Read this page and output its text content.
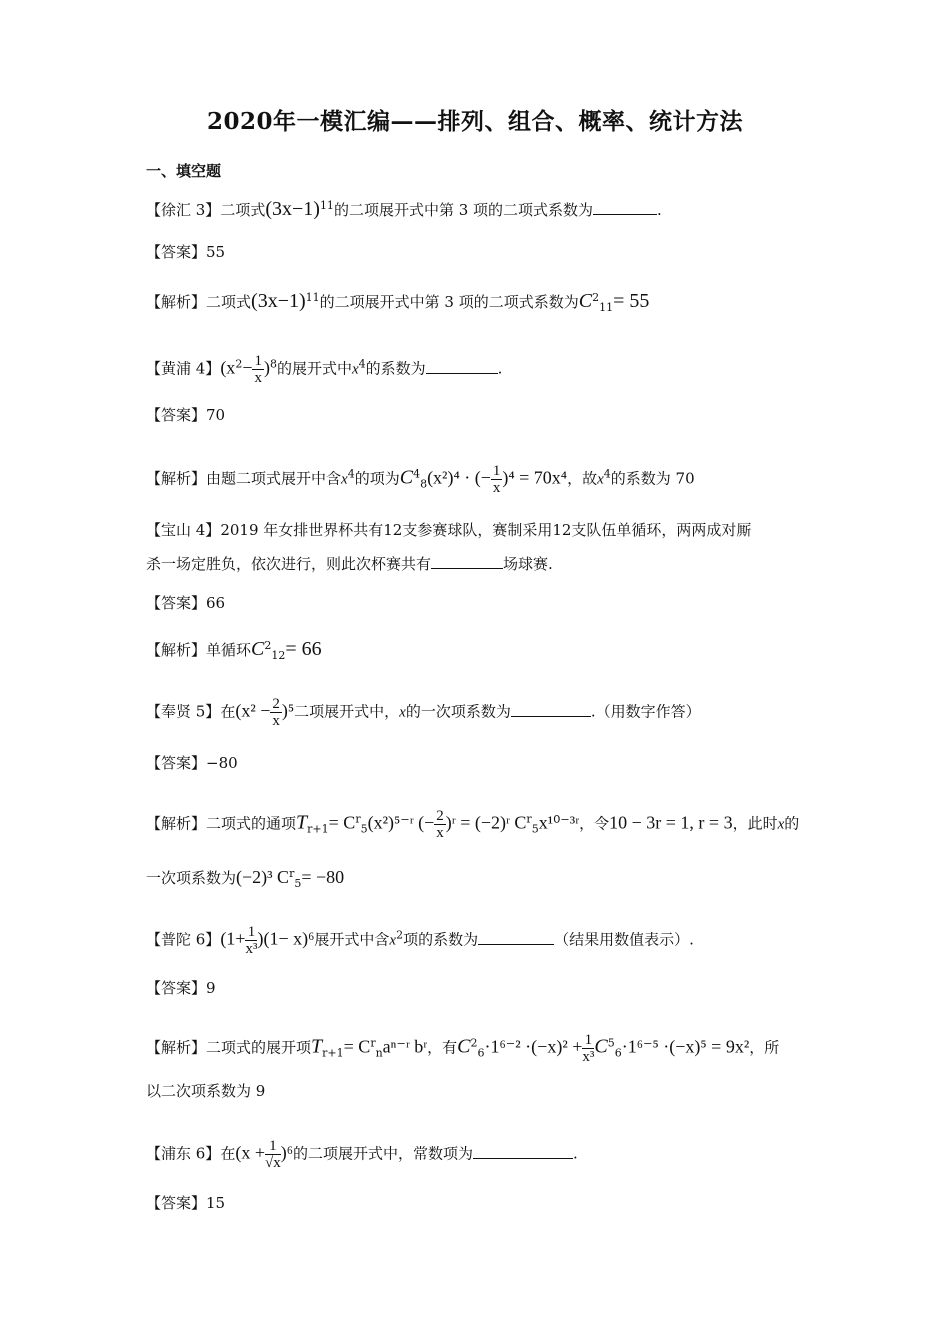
2020年一模汇编——排列、组合、概率、统计方法
一、填空题
【徐汇 3】二项式$(3x-1)^{11}$的二项展开式中第 3 项的二项式系数为	.
【答案】55
【解析】二项式$(3x-1)^{11}$的二项展开式中第 3 项的二项式系数为$C^2_{11}= 55$
【黄浦 4】$(x^2- \frac{1}{x} )^8$的展开式中$x^4$的系数为	.
【答案】70
【解析】由题二项式展开中含$x^4$的项为$C^4_8(x^2)^4$ · (− $\frac{1}{x} )^4 = 70x^4$，故$x^4$的系数为 70
【宝山 4】2019 年女排世界杯共有12支参赛球队，赛制采用12支队伍单循环，两两成对厮
杀一场定胜负，依次进行，则此次杯赛共有	场球赛.
【答案】66
【解析】单循环$C^2_{12}= 66$
【奉贤 5】在$(x^2 - \frac{2}{x} )^5$二项展开式中，x的一次项系数为	.（用数字作答）
【答案】−80
【解析】二项式的通项$T_{r+1}=$ $C^r_5(x^2)^{5-}ʳ$ (− $\frac{2}{x}$ )ʳ = (−2)ʳ $C^r_5x^{10-3}ʳ$，令10 − 3r = 1, r = 3，此时x的
一次项系数为(−2)³ $C^r_5= -80$
【普陀 6】$(1+ \frac{1}{\text{x³}} )(1- x)^6$展开式中含$x^2$项的系数为	（结果用数值表示）.
【答案】9
【解析】二项式的展开项$T_{r+1}=$ $C^r_na^{n-}ʳ$ bʳ，有$C^2_6\cdot 1^{6-2} \cdot(-x)^2 + \frac{1}{\text{x³}} C^5_6\cdot 1^{6-5} \cdot(-x)^5 = 9x^2$，所
以二次项系数为 9
【浦东 6】在$(x + \frac{1}{√x} )^6$的二项展开式中，常数项为	.
【答案】15
